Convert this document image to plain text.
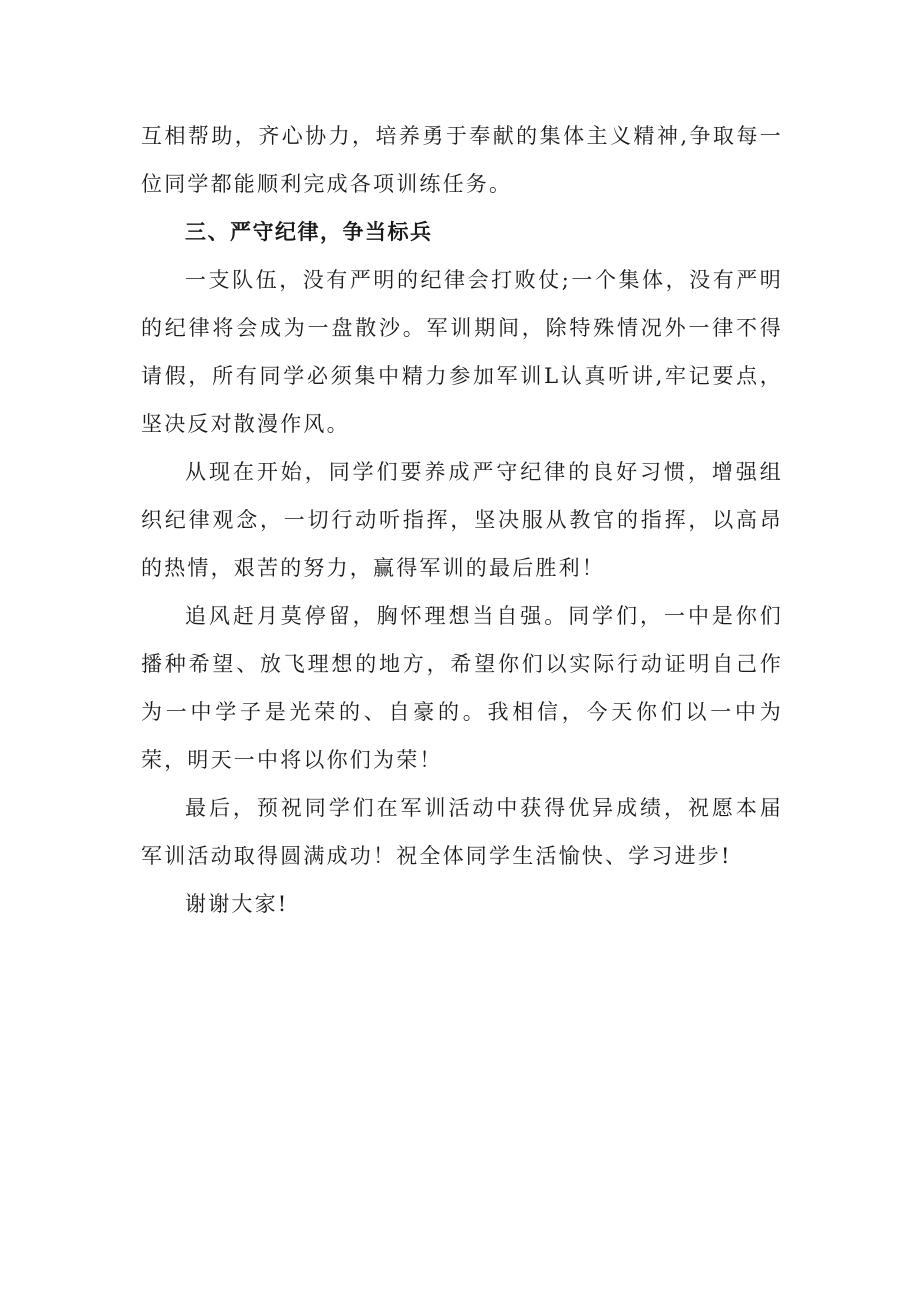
互相帮助，齐心协力，培养勇于奉献的集体主义精神,争取每一位同学都能顺利完成各项训练任务。

三、严守纪律，争当标兵

一支队伍，没有严明的纪律会打败仗;一个集体，没有严明的纪律将会成为一盘散沙。军训期间，除特殊情况外一律不得请假，所有同学必须集中精力参加军训L认真听讲,牢记要点，坚决反对散漫作风。

从现在开始，同学们要养成严守纪律的良好习惯，增强组织纪律观念，一切行动听指挥，坚决服从教官的指挥，以高昂的热情，艰苦的努力，赢得军训的最后胜利！

追风赶月莫停留，胸怀理想当自强。同学们，一中是你们播种希望、放飞理想的地方，希望你们以实际行动证明自己作为一中学子是光荣的、自豪的。我相信，今天你们以一中为荣，明天一中将以你们为荣！

最后，预祝同学们在军训活动中获得优异成绩，祝愿本届军训活动取得圆满成功！祝全体同学生活愉快、学习进步!

谢谢大家!
